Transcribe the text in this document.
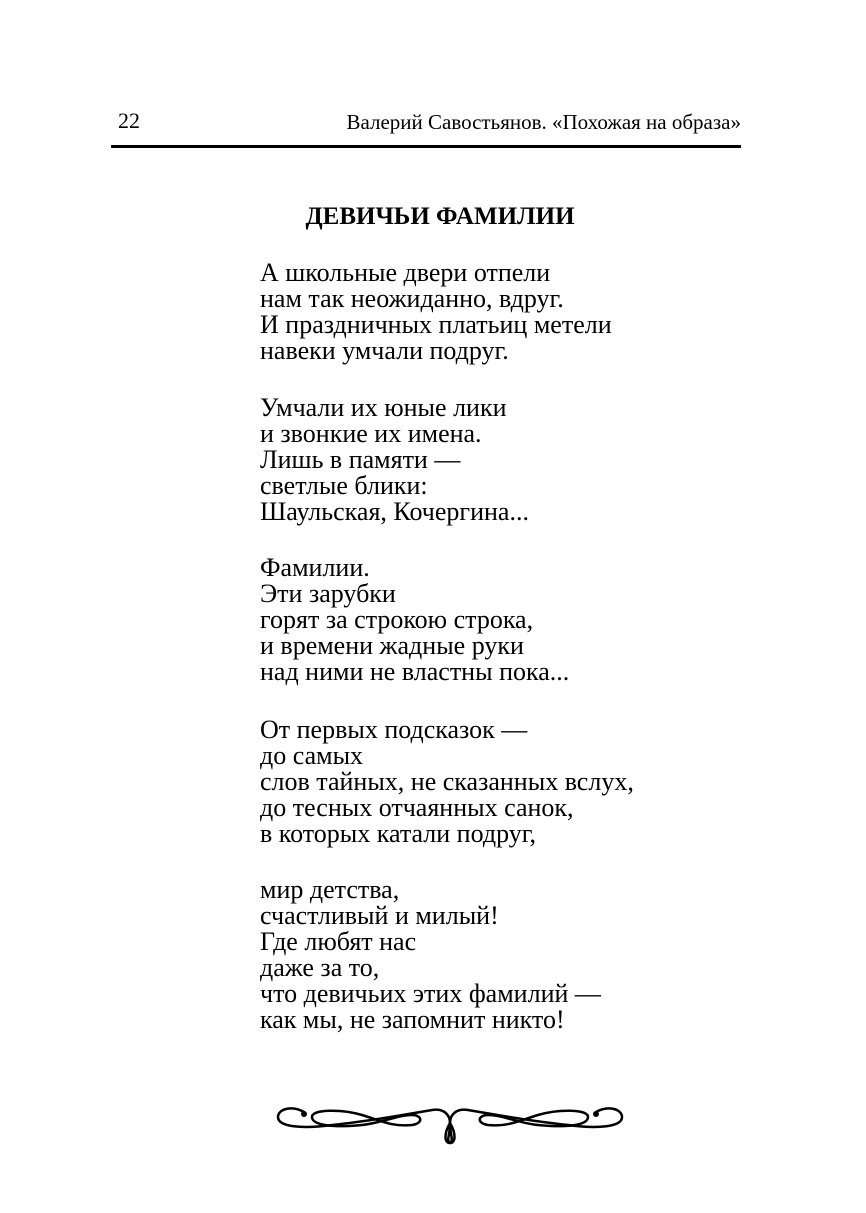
22	Валерий Савостьянов. «Похожая на образа»
ДЕВИЧЬИ ФАМИЛИИ
А школьные двери отпели
нам так неожиданно, вдруг.
И праздничных платьиц метели
навеки умчали подруг.
Умчали их юные лики
и звонкие их имена.
Лишь в памяти —
светлые блики:
Шаульская, Кочергина...
Фамилии.
Эти зарубки
горят за строкою строка,
и времени жадные руки
над ними не властны пока...
От первых подсказок —
до самых
слов тайных, не сказанных вслух,
до тесных отчаянных санок,
в которых катали подруг,
мир детства,
счастливый и милый!
Где любят нас
даже за то,
что девичьих этих фамилий —
как мы, не запомнит никто!
